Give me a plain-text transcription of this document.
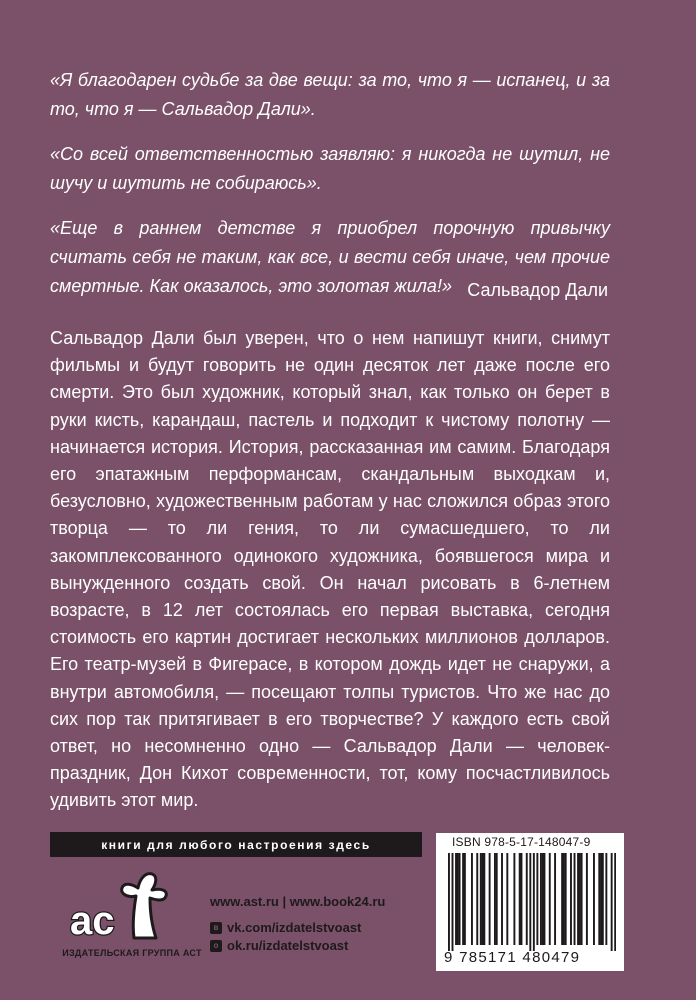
«Я благодарен судьбе за две вещи: за то, что я — испанец, и за то, что я — Сальвадор Дали».

«Со всей ответственностью заявляю: я никогда не шутил, не шучу и шутить не собираюсь».

«Еще в раннем детстве я приобрел порочную привычку считать себя не таким, как все, и вести себя иначе, чем прочие смертные. Как оказалось, это золотая жила!» Сальвадор Дали

Сальвадор Дали был уверен, что о нем напишут книги, снимут фильмы и будут говорить не один десяток лет даже после его смерти. Это был художник, который знал, как только он берет в руки кисть, карандаш, пастель и подходит к чистому полотну — начинается история. История, рассказанная им самим. Благодаря его эпатажным перформансам, скандальным выходкам и, безусловно, художественным работам у нас сложился образ этого творца — то ли гения, то ли сумасшедшего, то ли закомплексованного одинокого художника, боявшегося мира и вынужденного создать свой. Он начал рисовать в 6-летнем возрасте, в 12 лет состоялась его первая выставка, сегодня стоимость его картин достигает нескольких миллионов долларов. Его театр-музей в Фигерасе, в котором дождь идет не снаружи, а внутри автомобиля, — посещают толпы туристов. Что же нас до сих пор так притягивает в его творчестве? У каждого есть свой ответ, но несомненно одно — Сальвадор Дали — человек-праздник, Дон Кихот современности, тот, кому посчастливилось удивить этот мир.

книги для любого настроения здесь
ac
ИЗДАТЕЛЬСКАЯ ГРУППА АСТ
www.ast.ru | www.book24.ru
в vk.com/izdatelstvoast
о ok.ru/izdatelstvoast
ISBN 978-5-17-148047-9
9 785171 480479
